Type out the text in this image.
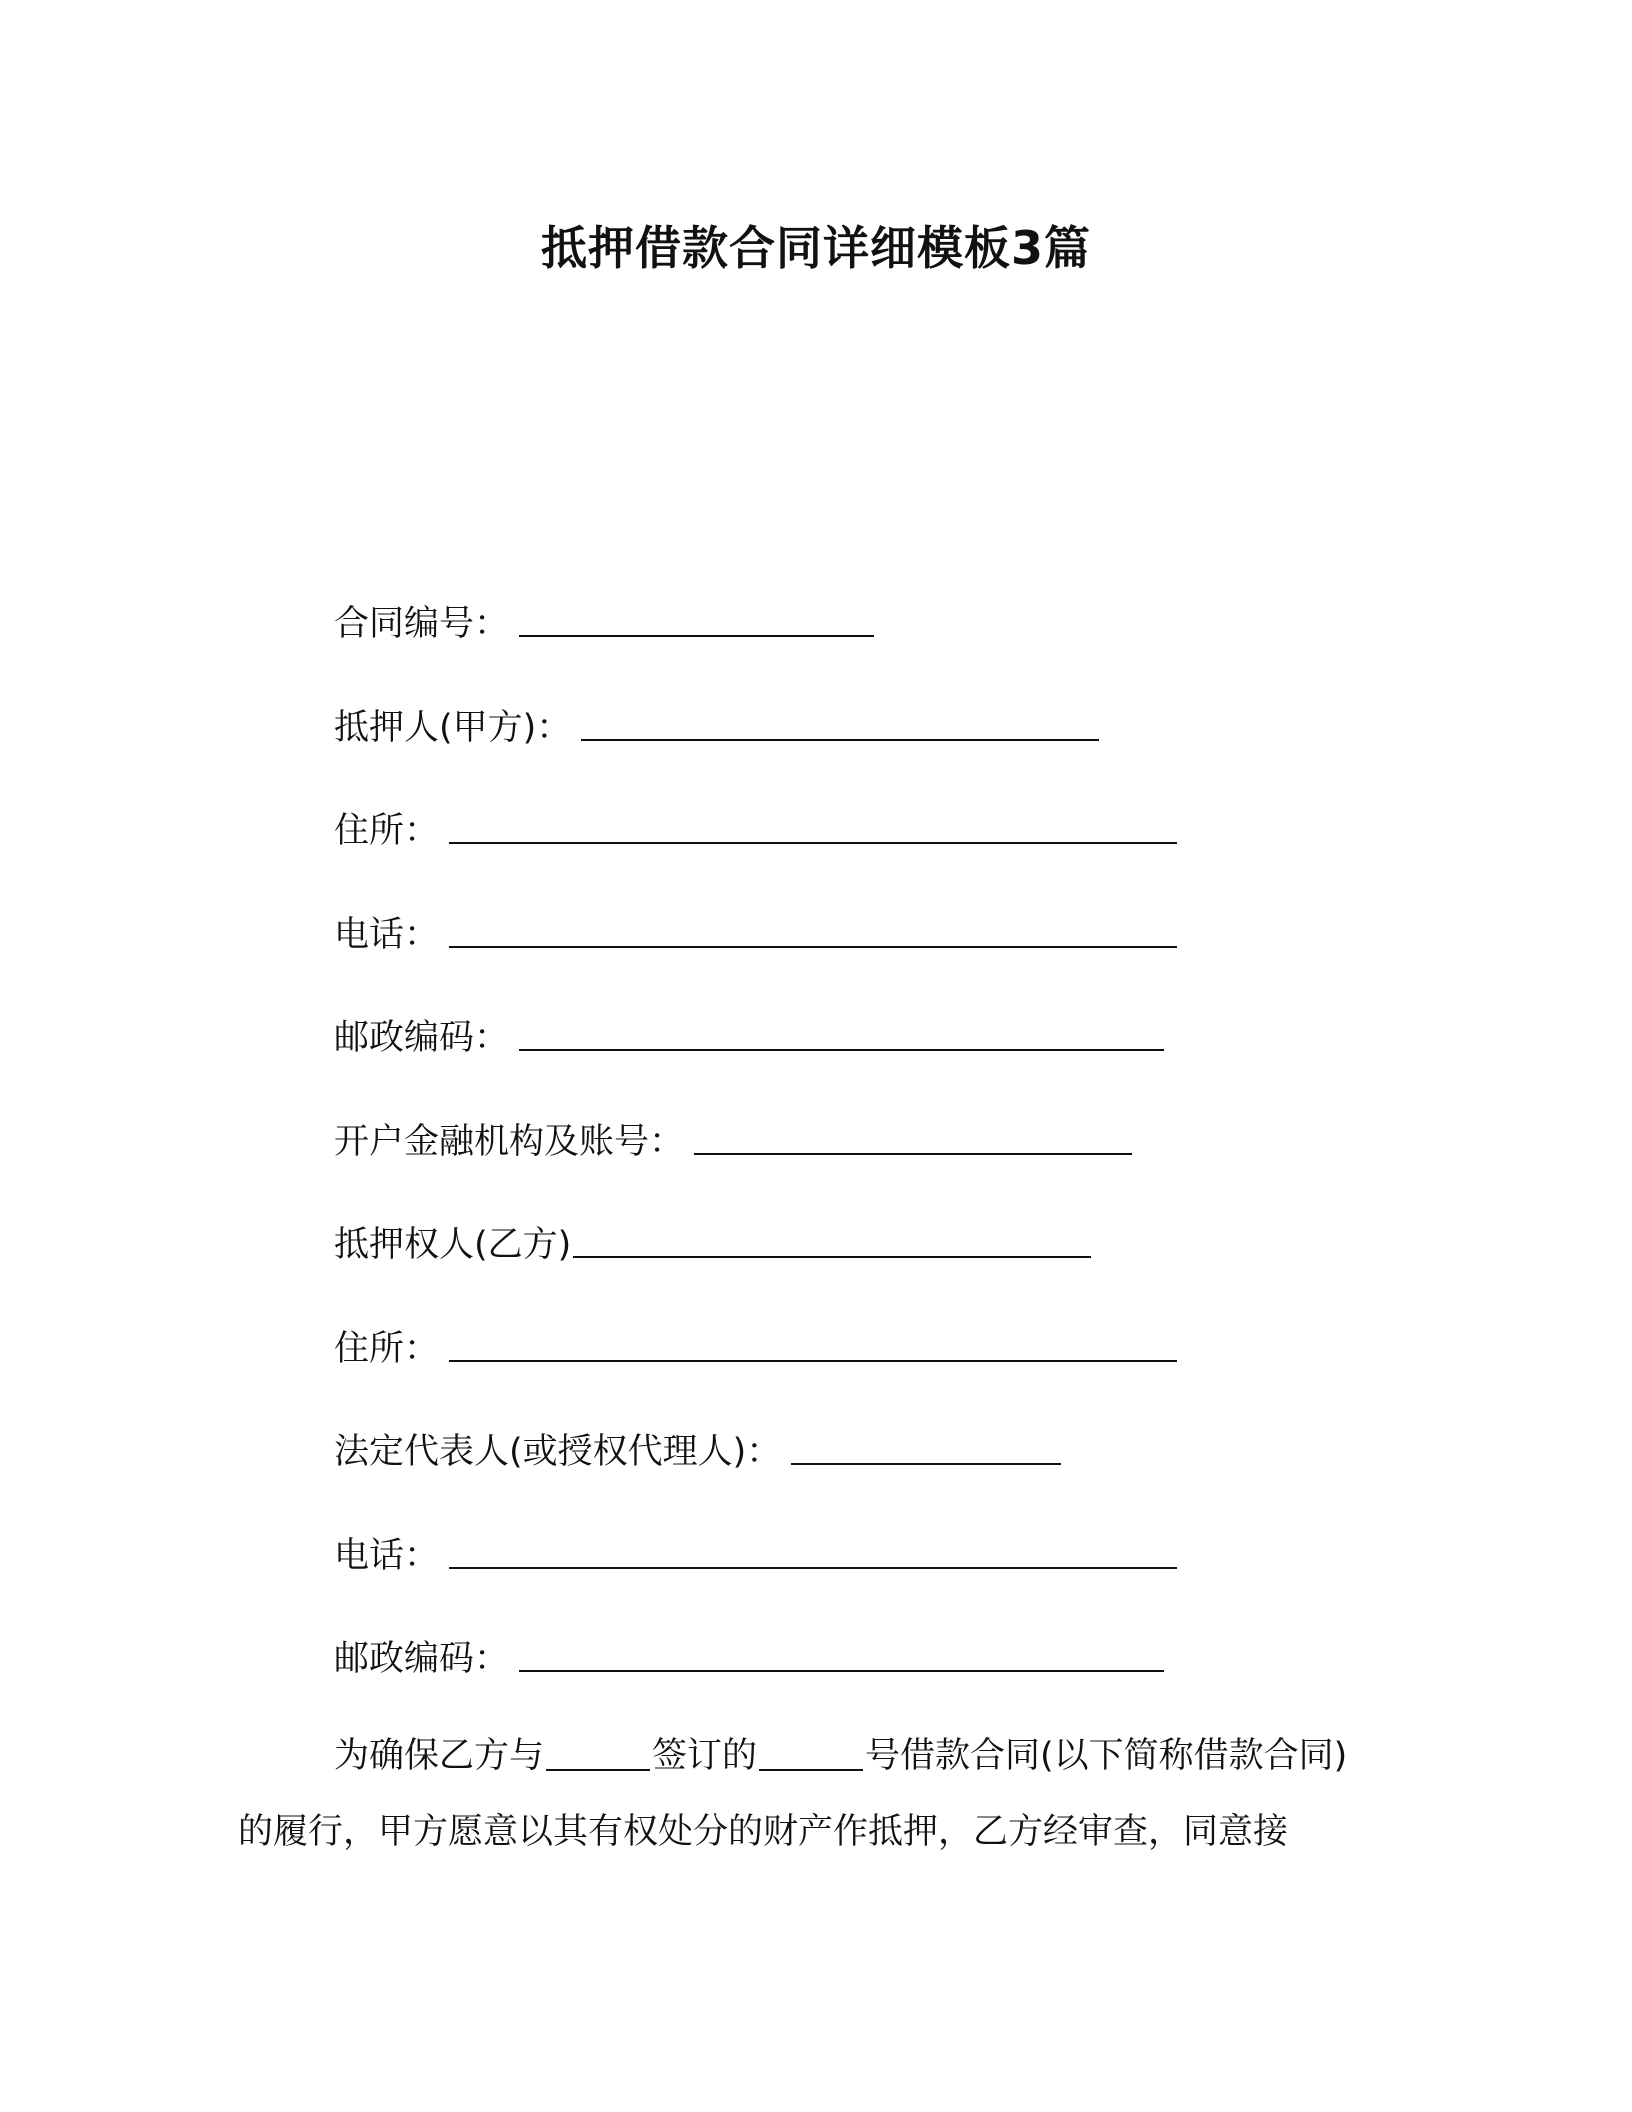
抵押借款合同详细模板3篇
合同编号：
抵押人(甲方)：
住所：
电话：
邮政编码：
开户金融机构及账号：
抵押权人(乙方)
住所：
法定代表人(或授权代理人)：
电话：
邮政编码：
为确保乙方与	签订的	号借款合同(以下简称借款合同)
的履行，甲方愿意以其有权处分的财产作抵押，乙方经审查，同意接
